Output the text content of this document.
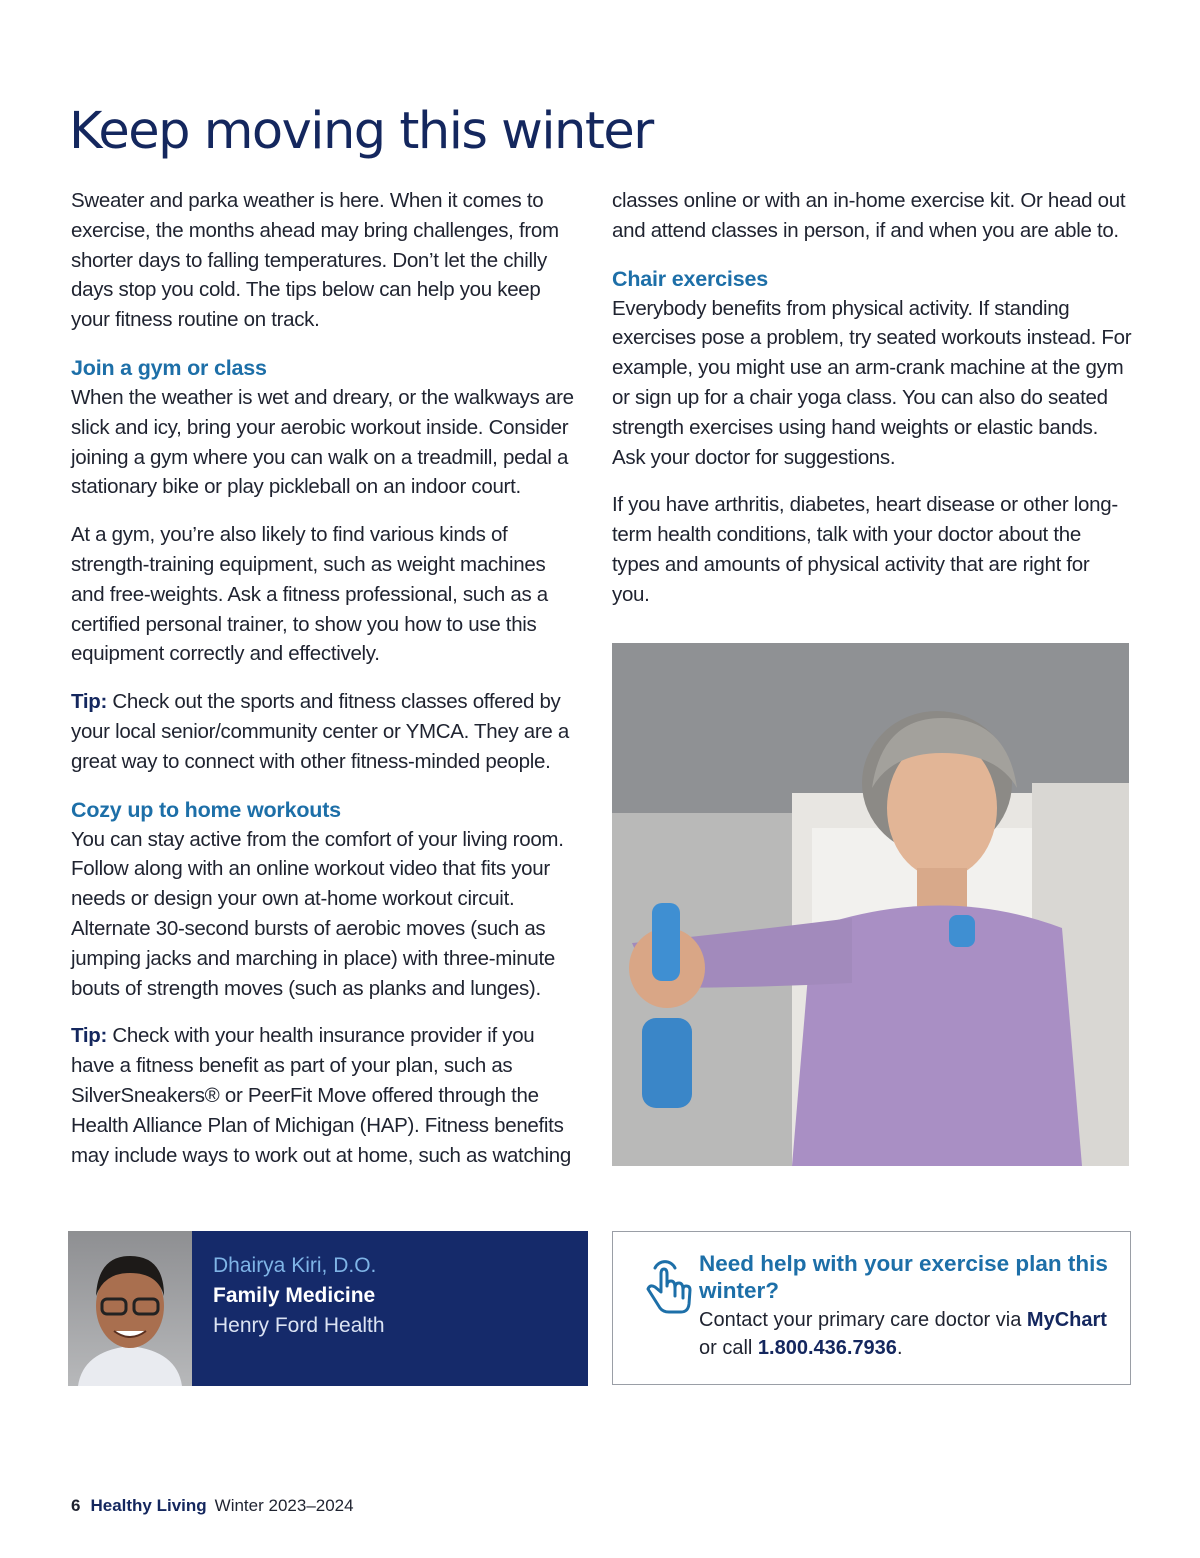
Keep moving this winter

Sweater and parka weather is here. When it comes to exercise, the months ahead may bring challenges, from shorter days to falling temperatures. Don’t let the chilly days stop you cold. The tips below can help you keep your fitness routine on track.

Join a gym or class

When the weather is wet and dreary, or the walkways are slick and icy, bring your aerobic workout inside. Consider joining a gym where you can walk on a treadmill, pedal a stationary bike or play pickleball on an indoor court.

At a gym, you’re also likely to find various kinds of strength-training equipment, such as weight machines and free-weights. Ask a fitness professional, such as a certified personal trainer, to show you how to use this equipment correctly and effectively.

Tip: Check out the sports and fitness classes offered by your local senior/community center or YMCA. They are a great way to connect with other fitness-minded people.

Cozy up to home workouts

You can stay active from the comfort of your living room. Follow along with an online workout video that fits your needs or design your own at-home workout circuit. Alternate 30-second bursts of aerobic moves (such as jumping jacks and marching in place) with three-minute bouts of strength moves (such as planks and lunges).

Tip: Check with your health insurance provider if you have a fitness benefit as part of your plan, such as SilverSneakers® or PeerFit Move offered through the Health Alliance Plan of Michigan (HAP). Fitness benefits may include ways to work out at home, such as watching

classes online or with an in-home exercise kit. Or head out and attend classes in person, if and when you are able to.

Chair exercises

Everybody benefits from physical activity. If standing exercises pose a problem, try seated workouts instead. For example, you might use an arm-crank machine at the gym or sign up for a chair yoga class. You can also do seated strength exercises using hand weights or elastic bands. Ask your doctor for suggestions.

If you have arthritis, diabetes, heart disease or other long-term health conditions, talk with your doctor about the types and amounts of physical activity that are right for you.

Dhairya Kiri, D.O.
Family Medicine
Henry Ford Health

Need help with your exercise plan this winter?

Contact your primary care doctor via MyChart or call 1.800.436.7936.

6 Healthy Living Winter 2023–2024
